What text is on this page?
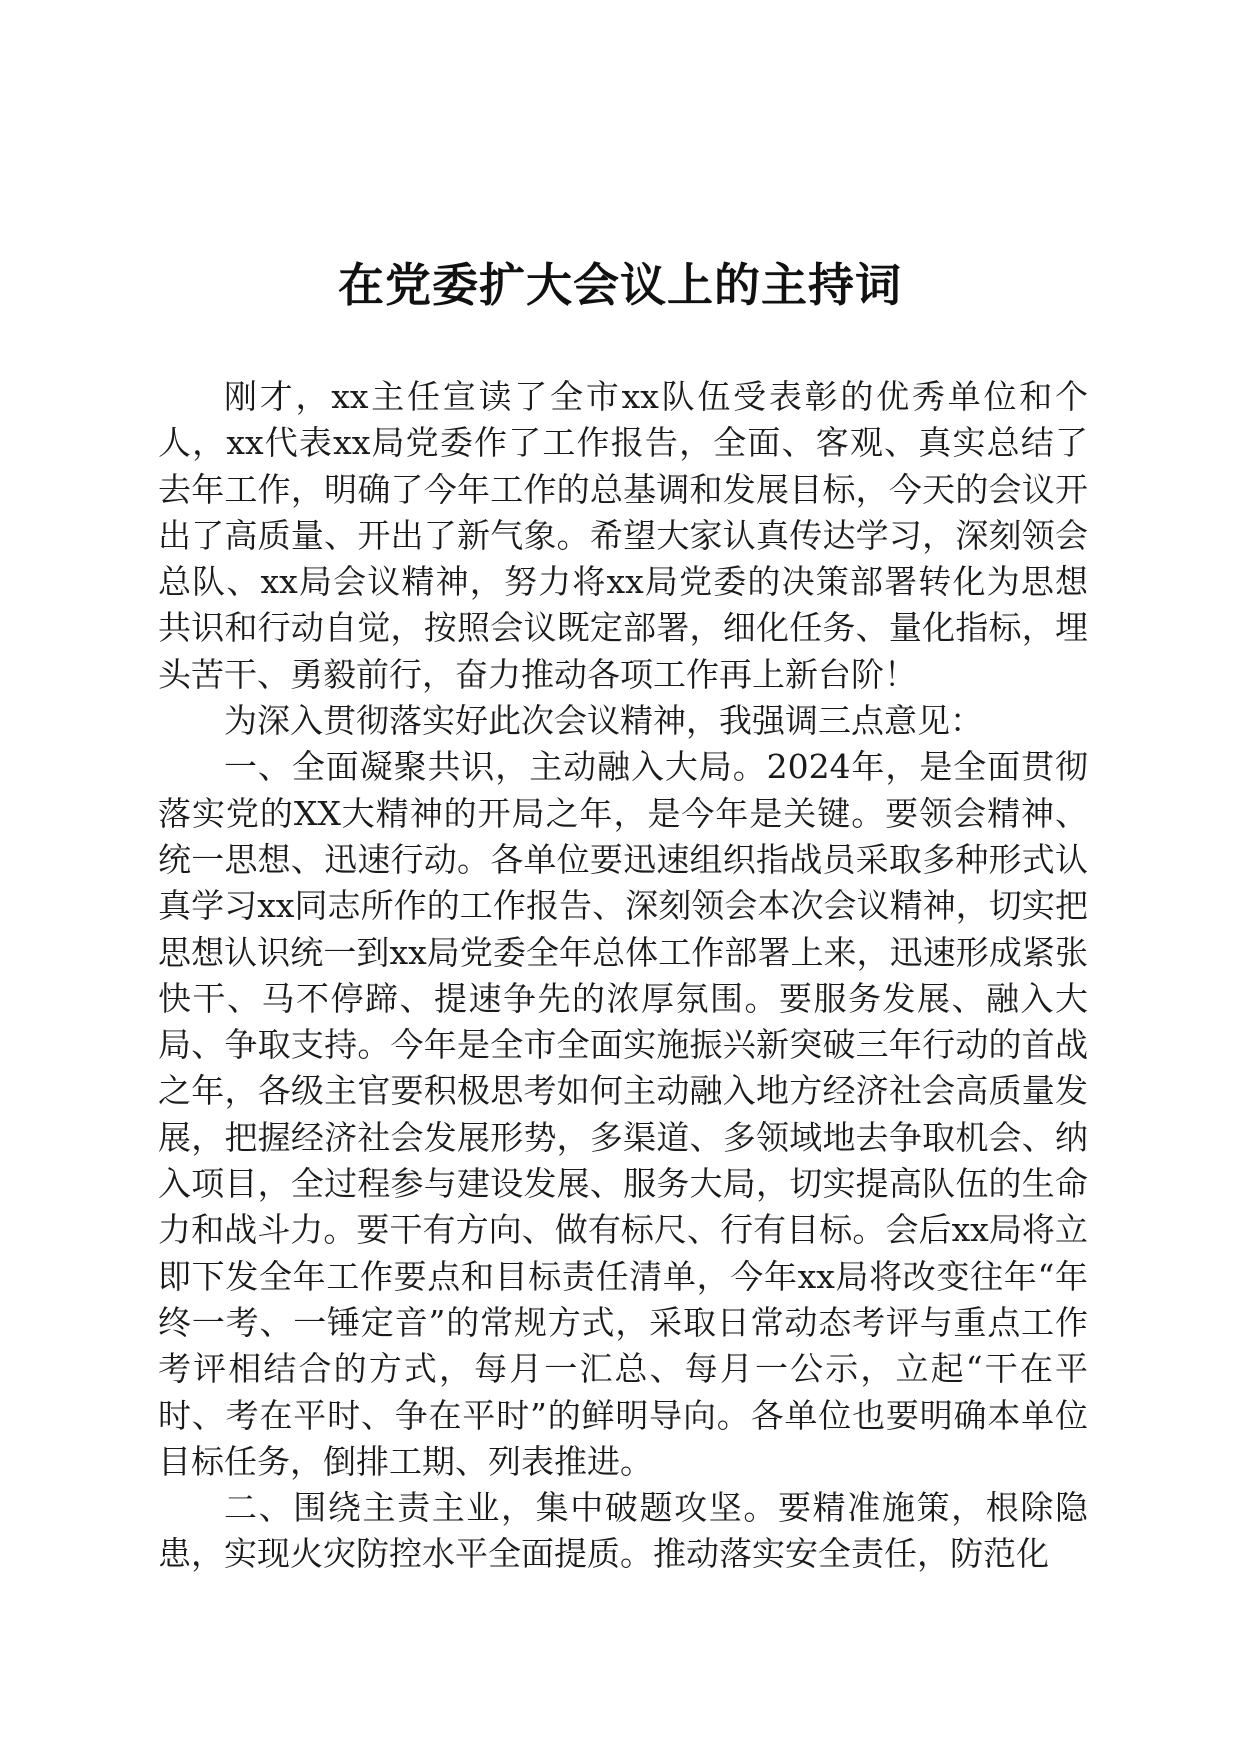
在党委扩大会议上的主持词

刚才，xx主任宣读了全市xx队伍受表彰的优秀单位和个人，xx代表xx局党委作了工作报告，全面、客观、真实总结了去年工作，明确了今年工作的总基调和发展目标，今天的会议开出了高质量、开出了新气象。希望大家认真传达学习，深刻领会总队、xx局会议精神，努力将xx局党委的决策部署转化为思想共识和行动自觉，按照会议既定部署，细化任务、量化指标，埋头苦干、勇毅前行，奋力推动各项工作再上新台阶！

为深入贯彻落实好此次会议精神，我强调三点意见：

一、全面凝聚共识，主动融入大局。2024年，是全面贯彻落实党的XX大精神的开局之年，是今年是关键。要领会精神、统一思想、迅速行动。各单位要迅速组织指战员采取多种形式认真学习xx同志所作的工作报告、深刻领会本次会议精神，切实把思想认识统一到xx局党委全年总体工作部署上来，迅速形成紧张快干、马不停蹄、提速争先的浓厚氛围。要服务发展、融入大局、争取支持。今年是全市全面实施振兴新突破三年行动的首战之年，各级主官要积极思考如何主动融入地方经济社会高质量发展，把握经济社会发展形势，多渠道、多领域地去争取机会、纳入项目，全过程参与建设发展、服务大局，切实提高队伍的生命力和战斗力。要干有方向、做有标尺、行有目标。会后xx局将立即下发全年工作要点和目标责任清单，今年xx局将改变往年“年终一考、一锤定音”的常规方式，采取日常动态考评与重点工作考评相结合的方式，每月一汇总、每月一公示，立起“干在平时、考在平时、争在平时”的鲜明导向。各单位也要明确本单位目标任务，倒排工期、列表推进。

二、围绕主责主业，集中破题攻坚。要精准施策，根除隐患，实现火灾防控水平全面提质。推动落实安全责任，防范化
